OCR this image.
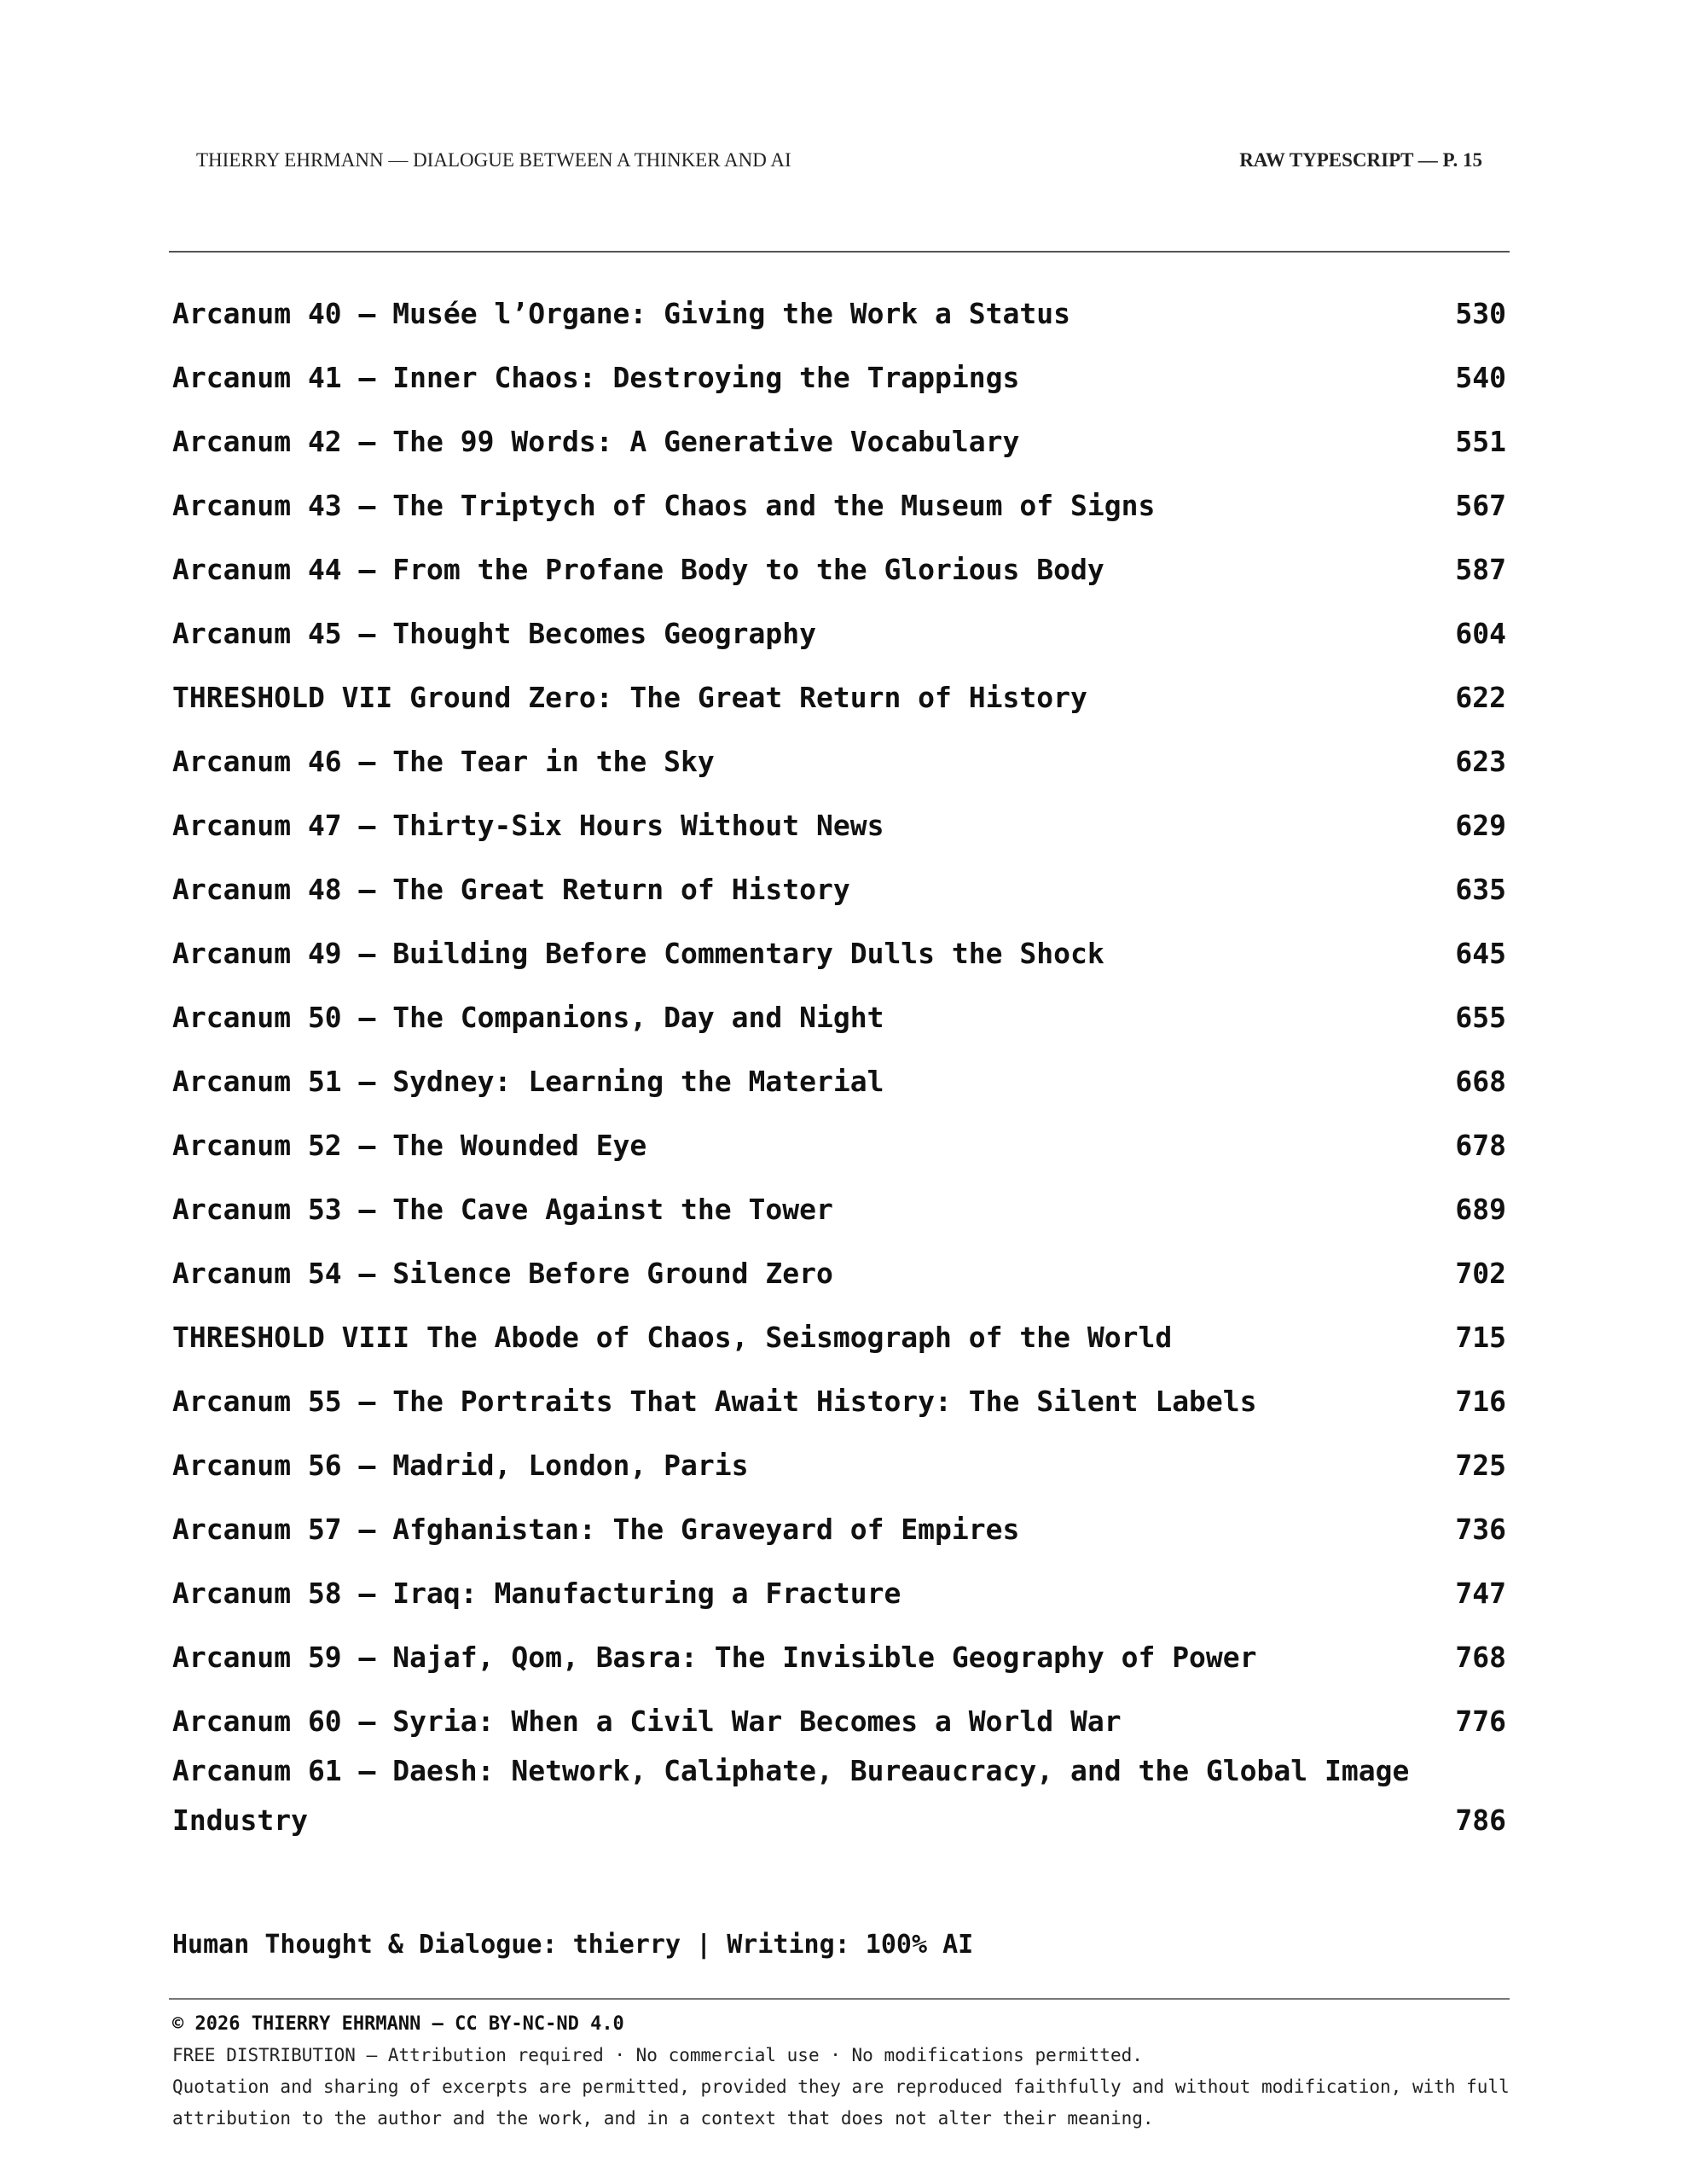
THIERRY EHRMANN — DIALOGUE BETWEEN A THINKER AND AI	RAW TYPESCRIPT — P. 15
Arcanum 40 — Musée l’Organe: Giving the Work a Status	530
Arcanum 41 — Inner Chaos: Destroying the Trappings	540
Arcanum 42 — The 99 Words: A Generative Vocabulary	551
Arcanum 43 — The Triptych of Chaos and the Museum of Signs	567
Arcanum 44 — From the Profane Body to the Glorious Body	587
Arcanum 45 — Thought Becomes Geography	604
THRESHOLD VII Ground Zero: The Great Return of History	622
Arcanum 46 — The Tear in the Sky	623
Arcanum 47 — Thirty-Six Hours Without News	629
Arcanum 48 — The Great Return of History	635
Arcanum 49 — Building Before Commentary Dulls the Shock	645
Arcanum 50 — The Companions, Day and Night	655
Arcanum 51 — Sydney: Learning the Material	668
Arcanum 52 — The Wounded Eye	678
Arcanum 53 — The Cave Against the Tower	689
Arcanum 54 — Silence Before Ground Zero	702
THRESHOLD VIII The Abode of Chaos, Seismograph of the World	715
Arcanum 55 — The Portraits That Await History: The Silent Labels	716
Arcanum 56 — Madrid, London, Paris	725
Arcanum 57 — Afghanistan: The Graveyard of Empires	736
Arcanum 58 — Iraq: Manufacturing a Fracture	747
Arcanum 59 — Najaf, Qom, Basra: The Invisible Geography of Power	768
Arcanum 60 — Syria: When a Civil War Becomes a World War	776
Arcanum 61 — Daesh: Network, Caliphate, Bureaucracy, and the Global Image Industry	786
Human Thought & Dialogue: thierry | Writing: 100% AI
© 2026 THIERRY EHRMANN — CC BY-NC-ND 4.0
FREE DISTRIBUTION — Attribution required · No commercial use · No modifications permitted.
Quotation and sharing of excerpts are permitted, provided they are reproduced faithfully and without modification, with full attribution to the author and the work, and in a context that does not alter their meaning.
